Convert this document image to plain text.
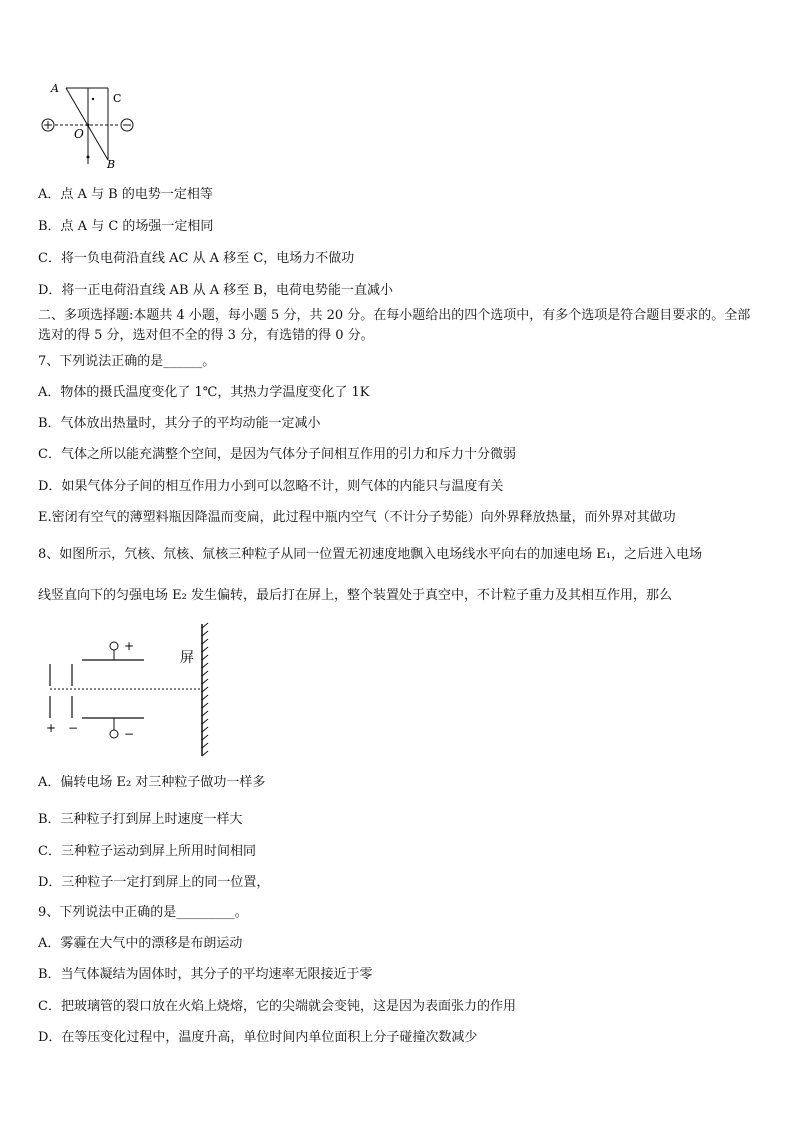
A
C
O
B
A．点 A 与 B 的电势一定相等
B．点 A 与 C 的场强一定相同
C．将一负电荷沿直线 AC 从 A 移至 C，电场力不做功
D．将一正电荷沿直线 AB 从 A 移至 B，电荷电势能一直减小
二、多项选择题:本题共 4 小题，每小题 5 分，共 20 分。在每小题给出的四个选项中，有多个选项是符合题目要求的。全部选对的得 5 分，选对但不全的得 3 分，有选错的得 0 分。
7、下列说法正确的是______。
A．物体的摄氏温度变化了 1℃，其热力学温度变化了 1K
B．气体放出热量时，其分子的平均动能一定减小
C．气体之所以能充满整个空间，是因为气体分子间相互作用的引力和斥力十分微弱
D．如果气体分子间的相互作用力小到可以忽略不计，则气体的内能只与温度有关
E.密闭有空气的薄塑料瓶因降温而变扁，此过程中瓶内空气（不计分子势能）向外界释放热量，而外界对其做功
8、如图所示，氕核、氘核、氚核三种粒子从同一位置无初速度地飘入电场线水平向右的加速电场 E₁，之后进入电场
线竖直向下的匀强电场 E₂ 发生偏转，最后打在屏上，整个装置处于真空中，不计粒子重力及其相互作用，那么
+
−
+ −
屏
A．偏转电场 E₂ 对三种粒子做功一样多
B．三种粒子打到屏上时速度一样大
C．三种粒子运动到屏上所用时间相同
D．三种粒子一定打到屏上的同一位置，
9、下列说法中正确的是_________。
A．雾霾在大气中的漂移是布朗运动
B．当气体凝结为固体时，其分子的平均速率无限接近于零
C．把玻璃管的裂口放在火焰上烧熔，它的尖端就会变钝，这是因为表面张力的作用
D．在等压变化过程中，温度升高，单位时间内单位面积上分子碰撞次数减少
